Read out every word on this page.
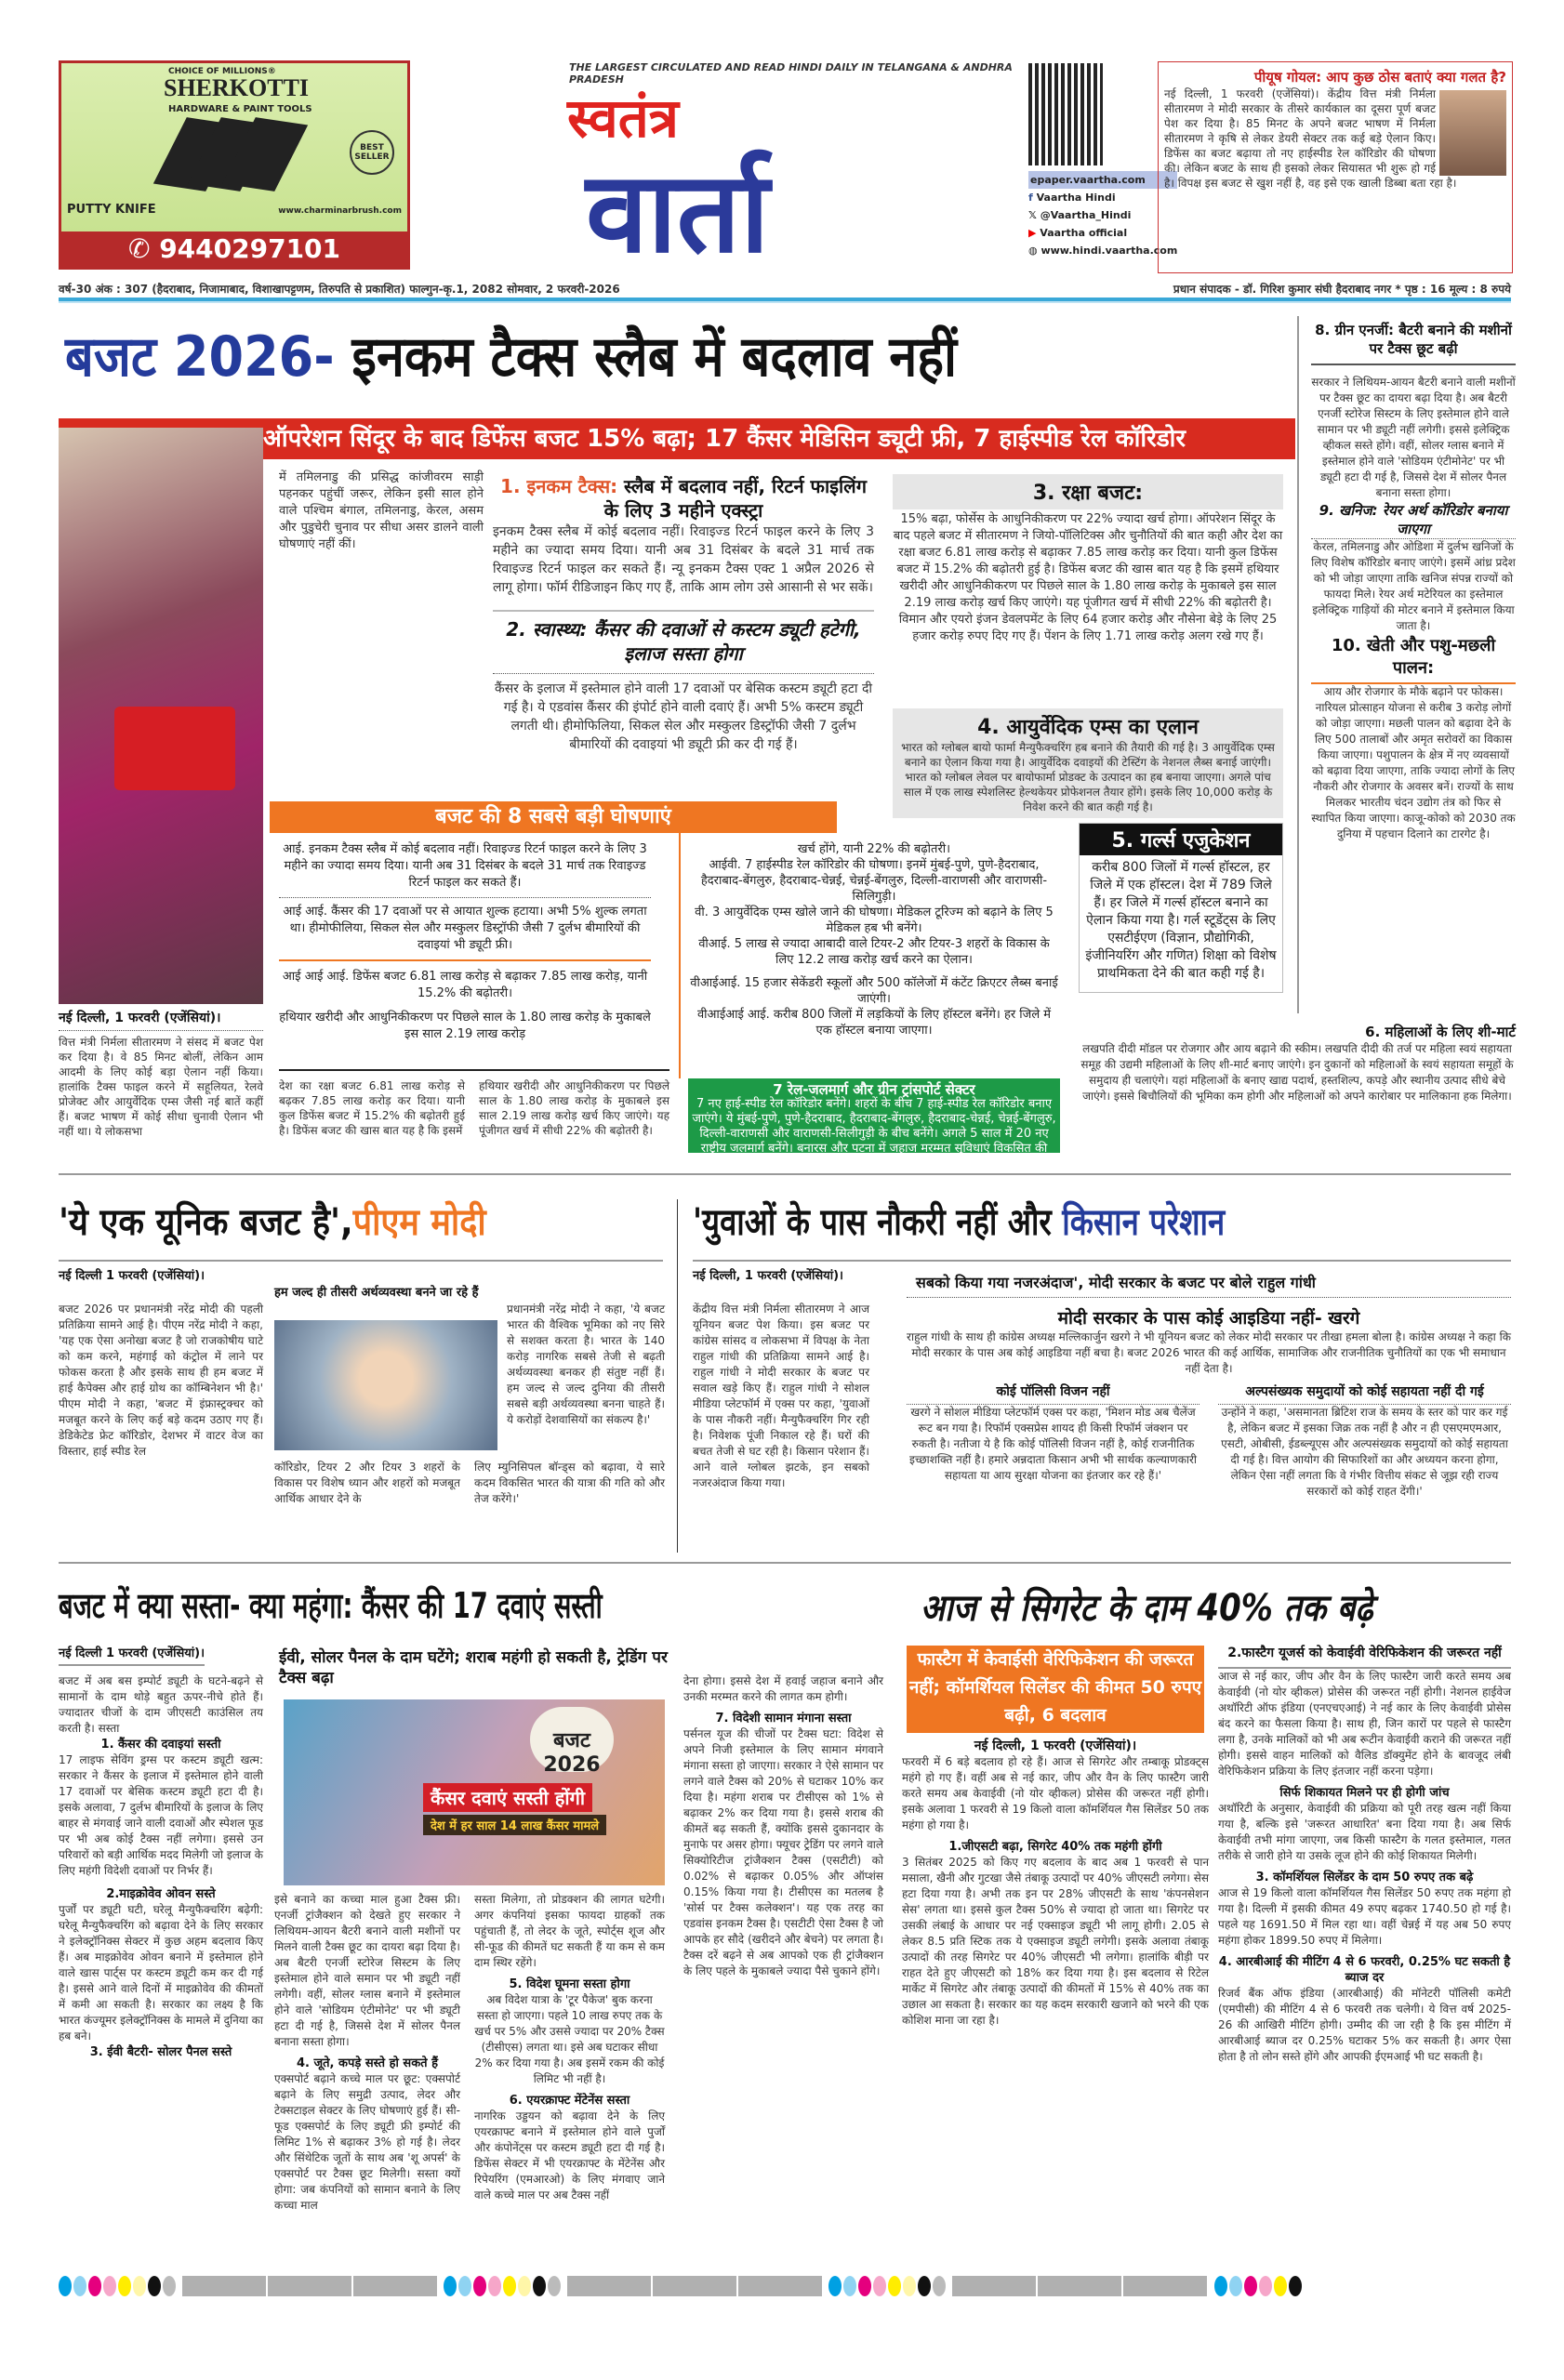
CHOICE OF MILLIONS®
SHERKOTTI
HARDWARE & PAINT TOOLS
BEST SELLER
PUTTY KNIFE	www.charminarbrush.com
✆ 9440297101
THE LARGEST CIRCULATED AND READ HINDI DAILY IN TELANGANA & ANDHRA PRADESH
स्वतंत्र
वार्ता	epaper.vaartha.com
f Vaartha Hindi
𝕏 @Vaartha_Hindi
▶ Vaartha official
◍ www.hindi.vaartha.com
पीयूष गोयल: आप कुछ ठोस बताएं क्या गलत है?

नई दिल्ली, 1 फरवरी (एजेंसियां)। केंद्रीय वित्त मंत्री निर्मला सीतारमण ने मोदी सरकार के तीसरे कार्यकाल का दूसरा पूर्ण बजट पेश कर दिया है। 85 मिनट के अपने बजट भाषण में निर्मला सीतारमण ने कृषि से लेकर डेयरी सेक्टर तक कई बड़े ऐलान किए। डिफेंस का बजट बढ़ाया तो नए हाईस्पीड रेल कॉरिडोर की घोषणा की। लेकिन बजट के साथ ही इसको लेकर सियासत भी शुरू हो गई है। विपक्ष इस बजट से खुश नहीं है, वह इसे एक खाली डिब्बा बता रहा है।

वर्ष-30 अंक : 307 (हैदराबाद, निजामाबाद, विशाखापट्टणम, तिरुपति से प्रकाशित) फाल्गुन-कृ.1, 2082 सोमवार, 2 फरवरी-2026	प्रधान संपादक - डॉ. गिरिश कुमार संघी हैदराबाद नगर * पृष्ठ : 16 मूल्य : 8 रुपये
बजट 2026- इनकम टैक्स स्लैब में बदलाव नहीं
ऑपरेशन सिंदूर के बाद डिफेंस बजट 15% बढ़ा; 17 कैंसर मेडिसिन ड्यूटी फ्री, 7 हाईस्पीड रेल कॉरिडोर
में तमिलनाडु की प्रसिद्ध कांजीवरम साड़ी पहनकर पहुंचीं जरूर, लेकिन इसी साल होने वाले पश्चिम बंगाल, तमिलनाडु, केरल, असम और पुडुचेरी चुनाव पर सीधा असर डालने वाली घोषणाएं नहीं कीं।
1. इनकम टैक्स: स्लैब में बदलाव नहीं, रिटर्न फाइलिंग के लिए 3 महीने एक्स्ट्रा

इनकम टैक्स स्लैब में कोई बदलाव नहीं। रिवाइज्ड रिटर्न फाइल करने के लिए 3 महीने का ज्यादा समय दिया। यानी अब 31 दिसंबर के बदले 31 मार्च तक रिवाइज्ड रिटर्न फाइल कर सकते हैं। न्यू इनकम टैक्स एक्ट 1 अप्रैल 2026 से लागू होगा। फॉर्म रीडिजाइन किए गए हैं, ताकि आम लोग उसे आसानी से भर सकें।

2. स्वास्थ्य: कैंसर की दवाओं से कस्टम ड्यूटी हटेगी, इलाज सस्ता होगा

कैंसर के इलाज में इस्तेमाल होने वाली 17 दवाओं पर बेसिक कस्टम ड्यूटी हटा दी गई है। ये एडवांस कैंसर की इंपोर्ट होने वाली दवाएं हैं। अभी 5% कस्टम ड्यूटी लगती थी। हीमोफिलिया, सिकल सेल और मस्कुलर डिस्ट्रॉफी जैसी 7 दुर्लभ बीमारियों की दवाइयां भी ड्यूटी फ्री कर दी गई हैं।

3. रक्षा बजट:
15% बढ़ा, फोर्सेस के आधुनिकीकरण पर 22% ज्यादा खर्च होगा। ऑपरेशन सिंदूर के बाद पहले बजट में सीतारमण ने जियो-पॉलिटिक्स और चुनौतियों की बात कही और देश का रक्षा बजट 6.81 लाख करोड़ से बढ़ाकर 7.85 लाख करोड़ कर दिया। यानी कुल डिफेंस बजट में 15.2% की बढ़ोतरी हुई है। डिफेंस बजट की खास बात यह है कि इसमें हथियार खरीदी और आधुनिकीकरण पर पिछले साल के 1.80 लाख करोड़ के मुकाबले इस साल 2.19 लाख करोड़ खर्च किए जाएंगे। यह पूंजीगत खर्च में सीधी 22% की बढ़ोतरी है। विमान और एयरो इंजन डेवलपमेंट के लिए 64 हजार करोड़ और नौसेना बेड़े के लिए 25 हजार करोड़ रुपए दिए गए हैं। पेंशन के लिए 1.71 लाख करोड़ अलग रखे गए हैं।
4. आयुर्वेदिक एम्स का एलान

भारत को ग्लोबल बायो फार्मा मैन्युफैक्चरिंग हब बनाने की तैयारी की गई है। 3 आयुर्वेदिक एम्स बनाने का ऐलान किया गया है। आयुर्वेदिक दवाइयों की टेस्टिंग के नेशनल लैब्स बनाई जाएंगी। भारत को ग्लोबल लेवल पर बायोफार्मा प्रोडक्ट के उत्पादन का हब बनाया जाएगा। अगले पांच साल में एक लाख स्पेशलिस्ट हेल्थकेयर प्रोफेशनल तैयार होंगे। इसके लिए 10,000 करोड़ के निवेश करने की बात कही गई है।

बजट की 8 सबसे बड़ी घोषणाएं

आई. इनकम टैक्स स्लैब में कोई बदलाव नहीं। रिवाइज्ड रिटर्न फाइल करने के लिए 3 महीने का ज्यादा समय दिया। यानी अब 31 दिसंबर के बदले 31 मार्च तक रिवाइज्ड रिटर्न फाइल कर सकते हैं।

आई आई. कैंसर की 17 दवाओं पर से आयात शुल्क हटाया। अभी 5% शुल्क लगता था। हीमोफीलिया, सिकल सेल और मस्कुलर डिस्ट्रॉफी जैसी 7 दुर्लभ बीमारियों की दवाइयां भी ड्यूटी फ्री।

आई आई आई. डिफेंस बजट 6.81 लाख करोड़ से बढ़ाकर 7.85 लाख करोड़, यानी 15.2% की बढ़ोतरी।

हथियार खरीदी और आधुनिकीकरण पर पिछले साल के 1.80 लाख करोड़ के मुकाबले इस साल 2.19 लाख करोड़

खर्च होंगे, यानी 22% की बढ़ोतरी।

आईवी. 7 हाईस्पीड रेल कॉरिडोर की घोषणा। इनमें मुंबई-पुणे, पुणे-हैदराबाद, हैदराबाद-बेंगलुरु, हैदराबाद-चेन्नई, चेन्नई-बेंगलुरु, दिल्ली-वाराणसी और वाराणसी-सिलिगुड़ी।

वी. 3 आयुर्वेदिक एम्स खोले जाने की घोषणा। मेडिकल टूरिज्म को बढ़ाने के लिए 5 मेडिकल हब भी बनेंगे।

वीआई. 5 लाख से ज्यादा आबादी वाले टियर-2 और टियर-3 शहरों के विकास के लिए 12.2 लाख करोड़ खर्च करने का ऐलान।

वीआईआई. 15 हजार सेकेंडरी स्कूलों और 500 कॉलेजों में कंटेंट क्रिएटर लैब्स बनाई जाएंगी।

वीआईआई आई. करीब 800 जिलों में लड़कियों के लिए हॉस्टल बनेंगे। हर जिले में एक हॉस्टल बनाया जाएगा।

देश का रक्षा बजट 6.81 लाख करोड़ से बढ़कर 7.85 लाख करोड़ कर दिया। यानी कुल डिफेंस बजट में 15.2% की बढ़ोतरी हुई है। डिफेंस बजट की खास बात यह है कि इसमें
हथियार खरीदी और आधुनिकीकरण पर पिछले साल के 1.80 लाख करोड़ के मुकाबले इस साल 2.19 लाख करोड़ खर्च किए जाएंगे। यह पूंजीगत खर्च में सीधी 22% की बढ़ोतरी है।
7 रेल-जलमार्ग और ग्रीन ट्रांसपोर्ट सेक्टर
7 नए हाई-स्पीड रेल कॉरिडोर बनेंगे। शहरों के बीच 7 हाई-स्पीड रेल कॉरिडोर बनाए जाएंगे। ये मुंबई-पुणे, पुणे-हैदराबाद, हैदराबाद-बेंगलुरु, हैदराबाद-चेन्नई, चेन्नई-बेंगलुरु, दिल्ली-वाराणसी और वाराणसी-सिलीगुड़ी के बीच बनेंगे। अगले 5 साल में 20 नए राष्ट्रीय जलमार्ग बनेंगे। बनारस और पटना में जहाज मरम्मत सुविधाएं विकसित की जाएंगी।
5. गर्ल्स एजुकेशन

करीब 800 जिलों में गर्ल्स हॉस्टल, हर जिले में एक हॉस्टल। देश में 789 जिले हैं। हर जिले में गर्ल्स हॉस्टल बनाने का ऐलान किया गया है। गर्ल स्टूडेंट्स के लिए एसटीईएण (विज्ञान, प्रौद्योगिकी, इंजीनियरिंग और गणित) शिक्षा को विशेष प्राथमिकता देने की बात कही गई है।

6. महिलाओं के लिए शी-मार्ट

लखपति दीदी मॉडल पर रोजगार और आय बढ़ाने की स्कीम। लखपति दीदी की तर्ज पर महिला स्वयं सहायता समूह की उद्यमी महिलाओं के लिए शी-मार्ट बनाए जाएंगे। इन दुकानों को महिलाओं के स्वयं सहायता समूहों के समुदाय ही चलाएंगे। यहां महिलाओं के बनाए खाद्य पदार्थ, हस्तशिल्प, कपड़े और स्थानीय उत्पाद सीधे बेचे जाएंगे। इससे बिचौलियों की भूमिका कम होगी और महिलाओं को अपने कारोबार पर मालिकाना हक मिलेगा।

नई दिल्ली, 1 फरवरी (एजेंसियां)।

वित्त मंत्री निर्मला सीतारमण ने संसद में बजट पेश कर दिया है। वे 85 मिनट बोलीं, लेकिन आम आदमी के लिए कोई बड़ा ऐलान नहीं किया। हालांकि टैक्स फाइल करने में सहूलियत, रेलवे प्रोजेक्ट और आयुर्वेदिक एम्स जैसी नई बातें कहीं हैं। बजट भाषण में कोई सीधा चुनावी ऐलान भी नहीं था। ये लोकसभा

8. ग्रीन एनर्जी: बैटरी बनाने की मशीनों पर टैक्स छूट बढ़ी

सरकार ने लिथियम-आयन बैटरी बनाने वाली मशीनों पर टैक्स छूट का दायरा बढ़ा दिया है। अब बैटरी एनर्जी स्टोरेज सिस्टम के लिए इस्तेमाल होने वाले सामान पर भी ड्यूटी नहीं लगेगी। इससे इलेक्ट्रिक व्हीकल सस्ते होंगे। वहीं, सोलर ग्लास बनाने में इस्तेमाल होने वाले 'सोडियम एंटीमोनेट' पर भी ड्यूटी हटा दी गई है, जिससे देश में सोलर पैनल बनाना सस्ता होगा।

9. खनिज: रेयर अर्थ कॉरिडोर बनाया जाएगा

केरल, तमिलनाडु और ओडिशा में दुर्लभ खनिजों के लिए विशेष कॉरिडोर बनाए जाएंगे। इसमें आंध्र प्रदेश को भी जोड़ा जाएगा ताकि खनिज संपन्न राज्यों को फायदा मिले। रेयर अर्थ मटेरियल का इस्तेमाल इलेक्ट्रिक गाड़ियों की मोटर बनाने में इस्तेमाल किया जाता है।

10. खेती और पशु-मछली पालन:

आय और रोजगार के मौके बढ़ाने पर फोकस। नारियल प्रोत्साहन योजना से करीब 3 करोड़ लोगों को जोड़ा जाएगा। मछली पालन को बढ़ावा देने के लिए 500 तालाबों और अमृत सरोवरों का विकास किया जाएगा। पशुपालन के क्षेत्र में नए व्यवसायों को बढ़ावा दिया जाएगा, ताकि ज्यादा लोगों के लिए नौकरी और रोजगार के अवसर बनें। राज्यों के साथ मिलकर भारतीय चंदन उद्योग तंत्र को फिर से स्थापित किया जाएगा। काजू-कोको को 2030 तक दुनिया में पहचान दिलाने का टारगेट है।

'ये एक यूनिक बजट है',पीएम मोदी
नई दिल्ली 1 फरवरी (एजेंसियां)।
हम जल्द ही तीसरी अर्थव्यवस्था बनने जा रहे हैं
बजट 2026 पर प्रधानमंत्री नरेंद्र मोदी की पहली प्रतिक्रिया सामने आई है। पीएम नरेंद्र मोदी ने कहा, 'यह एक ऐसा अनोखा बजट है जो राजकोषीय घाटे को कम करने, महंगाई को कंट्रोल में लाने पर फोकस करता है और इसके साथ ही हम बजट में हाई कैपेक्स और हाई ग्रोथ का कॉम्बिनेशन भी है।' पीएम मोदी ने कहा, 'बजट में इंफ्रास्ट्रक्चर को मजबूत करने के लिए कई बड़े कदम उठाए गए हैं। डेडिकेटेड फ्रेट कॉरिडोर, देशभर में वाटर वेज का विस्तार, हाई स्पीड रेल
प्रधानमंत्री नरेंद्र मोदी ने कहा, 'ये बजट भारत की वैश्विक भूमिका को नए सिरे से सशक्त करता है। भारत के 140 करोड़ नागरिक सबसे तेजी से बढ़ती अर्थव्यवस्था बनकर ही संतुष्ट नहीं हैं। हम जल्द से जल्द दुनिया की तीसरी सबसे बड़ी अर्थव्यवस्था बनना चाहते हैं। ये करोड़ों देशवासियों का संकल्प है।'
कॉरिडोर, टियर 2 और टियर 3 शहरों के विकास पर विशेष ध्यान और शहरों को मजबूत आर्थिक आधार देने के
लिए म्युनिसिपल बॉन्ड्स को बढ़ावा, ये सारे कदम विकसित भारत की यात्रा की गति को और तेज करेंगे।'
'युवाओं के पास नौकरी नहीं और किसान परेशान
नई दिल्ली, 1 फरवरी (एजेंसियां)।	सबको किया गया नजरअंदाज', मोदी सरकार के बजट पर बोले राहुल गांधी
केंद्रीय वित्त मंत्री निर्मला सीतारमण ने आज यूनियन बजट पेश किया। इस बजट पर कांग्रेस सांसद व लोकसभा में विपक्ष के नेता राहुल गांधी की प्रतिक्रिया सामने आई है। राहुल गांधी ने मोदी सरकार के बजट पर सवाल खड़े किए हैं। राहुल गांधी ने सोशल मीडिया प्लेटफॉर्म में एक्स पर कहा, 'युवाओं के पास नौकरी नहीं। मैन्युफैक्चरिंग गिर रही है। निवेशक पूंजी निकाल रहे हैं। घरों की बचत तेजी से घट रही है। किसान परेशान हैं। आने वाले ग्लोबल झटके, इन सबको नजरअंदाज किया गया।
मोदी सरकार के पास कोई आइडिया नहीं- खरगे

राहुल गांधी के साथ ही कांग्रेस अध्यक्ष मल्लिकार्जुन खरगे ने भी यूनियन बजट को लेकर मोदी सरकार पर तीखा हमला बोला है। कांग्रेस अध्यक्ष ने कहा कि मोदी सरकार के पास अब कोई आइडिया नहीं बचा है। बजट 2026 भारत की कई आर्थिक, सामाजिक और राजनीतिक चुनौतियों का एक भी समाधान नहीं देता है।

कोई पॉलिसी विजन नहीं

खरगे ने सोशल मीडिया प्लेटफॉर्म एक्स पर कहा, 'मिशन मोड अब चैलेंज रूट बन गया है। रिफॉर्म एक्सप्रेस शायद ही किसी रिफॉर्म जंक्शन पर रुकती है। नतीजा ये है कि कोई पॉलिसी विजन नहीं है, कोई राजनीतिक इच्छाशक्ति नहीं है। हमारे अन्नदाता किसान अभी भी सार्थक कल्याणकारी सहायता या आय सुरक्षा योजना का इंतजार कर रहे हैं।'

अल्पसंख्यक समुदायों को कोई सहायता नहीं दी गई

उन्होंने ने कहा, 'असमानता ब्रिटिश राज के समय के स्तर को पार कर गई है, लेकिन बजट में इसका जिक्र तक नहीं है और न ही एसएमएमआर, एसटी, ओबीसी, ईडब्ल्यूएस और अल्पसंख्यक समुदायों को कोई सहायता दी गई है। वित्त आयोग की सिफारिशों का और अध्ययन करना होगा, लेकिन ऐसा नहीं लगता कि वे गंभीर वित्तीय संकट से जूझ रही राज्य सरकारों को कोई राहत देंगी।'

बजट में क्या सस्ता- क्या महंगा: कैंसर की 17 दवाएं सस्ती
नई दिल्ली 1 फरवरी (एजेंसियां)।	ईवी, सोलर पैनल के दाम घटेंगे; शराब महंगी हो सकती है, ट्रेडिंग पर टैक्स बढ़ा

बजट में अब बस इम्पोर्ट ड्यूटी के घटने-बढ़ने से सामानों के दाम थोड़े बहुत ऊपर-नीचे होते हैं। ज्यादातर चीजों के दाम जीएसटी काउंसिल तय करती है। सस्ता

1. कैंसर की दवाइयां सस्ती

17 लाइफ सेविंग ड्रग्स पर कस्टम ड्यूटी खत्म: सरकार ने कैंसर के इलाज में इस्तेमाल होने वाली 17 दवाओं पर बेसिक कस्टम ड्यूटी हटा दी है। इसके अलावा, 7 दुर्लभ बीमारियों के इलाज के लिए बाहर से मंगवाई जाने वाली दवाओं और स्पेशल फूड पर भी अब कोई टैक्स नहीं लगेगा। इससे उन परिवारों को बड़ी आर्थिक मदद मिलेगी जो इलाज के लिए महंगी विदेशी दवाओं पर निर्भर हैं।

2.माइक्रोवेव ओवन सस्ते

पुर्जों पर ड्यूटी घटी, घरेलू मैन्युफैक्चरिंग बढ़ेगी: घरेलू मैन्युफैक्चरिंग को बढ़ावा देने के लिए सरकार ने इलेक्ट्रॉनिक्स सेक्टर में कुछ अहम बदलाव किए हैं। अब माइक्रोवेव ओवन बनाने में इस्तेमाल होने वाले खास पार्ट्स पर कस्टम ड्यूटी कम कर दी गई है। इससे आने वाले दिनों में माइक्रोवेव की कीमतों में कमी आ सकती है। सरकार का लक्ष्य है कि भारत कंज्यूमर इलेक्ट्रॉनिक्स के मामले में दुनिया का हब बने।

3. ईवी बैटरी- सोलर पैनल सस्ते
बजट 2026
कैंसर दवाएं सस्ती होंगी
देश में हर साल 14 लाख कैंसर मामले

इसे बनाने का कच्चा माल हुआ टैक्स फ्री। एनर्जी ट्रांजैक्शन को देखते हुए सरकार ने लिथियम-आयन बैटरी बनाने वाली मशीनों पर मिलने वाली टैक्स छूट का दायरा बढ़ा दिया है। अब बैटरी एनर्जी स्टोरेज सिस्टम के लिए इस्तेमाल होने वाले समान पर भी ड्यूटी नहीं लगेगी। वहीं, सोलर ग्लास बनाने में इस्तेमाल होने वाले 'सोडियम एंटीमोनेट' पर भी ड्यूटी हटा दी गई है, जिससे देश में सोलर पैनल बनाना सस्ता होगा।

4. जूते, कपड़े सस्ते हो सकते हैं

एक्सपोर्ट बढ़ाने कच्चे माल पर छूट: एक्सपोर्ट बढ़ाने के लिए समुद्री उत्पाद, लेदर और टेक्सटाइल सेक्टर के लिए घोषणाएं हुई हैं। सी-फूड एक्सपोर्ट के लिए ड्यूटी फ्री इम्पोर्ट की लिमिट 1% से बढ़ाकर 3% हो गई है। लेदर और सिंथेटिक जूतों के साथ अब 'शू अपर्स' के एक्सपोर्ट पर टैक्स छूट मिलेगी। सस्ता क्यों होगा: जब कंपनियों को सामान बनाने के लिए कच्चा माल

सस्ता मिलेगा, तो प्रोडक्शन की लागत घटेगी। अगर कंपनियां इसका फायदा ग्राहकों तक पहुंचाती हैं, तो लेदर के जूते, स्पोर्ट्स शूज और सी-फूड की कीमतें घट सकती हैं या कम से कम दाम स्थिर रहेंगे।

5. विदेश घूमना सस्ता होगा

अब विदेश यात्रा के 'टूर पैकेज' बुक करना सस्ता हो जाएगा। पहले 10 लाख रुपए तक के खर्च पर 5% और उससे ज्यादा पर 20% टैक्स (टीसीएस) लगता था। इसे अब घटाकर सीधा 2% कर दिया गया है। अब इसमें रकम की कोई लिमिट भी नहीं है।

6. एयरक्राफ्ट मेंटेनेंस सस्ता

नागरिक उड्डयन को बढ़ावा देने के लिए एयरक्राफ्ट बनाने में इस्तेमाल होने वाले पुर्जों और कंपोनेंट्स पर कस्टम ड्यूटी हटा दी गई है। डिफेंस सेक्टर में भी एयरक्राफ्ट के मेंटेनेंस और रिपेयरिंग (एमआरओ) के लिए मंगवाए जाने वाले कच्चे माल पर अब टैक्स नहीं

देना होगा। इससे देश में हवाई जहाज बनाने और उनकी मरम्मत करने की लागत कम होगी।

7. विदेशी सामान मंगाना सस्ता

पर्सनल यूज की चीजों पर टैक्स घटा: विदेश से अपने निजी इस्तेमाल के लिए सामान मंगवाने मंगाना सस्ता हो जाएगा। सरकार ने ऐसे सामान पर लगने वाले टैक्स को 20% से घटाकर 10% कर दिया है। महंगा शराब पर टीसीएस को 1% से बढ़ाकर 2% कर दिया गया है। इससे शराब की कीमतें बढ़ सकती हैं, क्योंकि इससे दुकानदार के मुनाफे पर असर होगा। फ्यूचर ट्रेडिंग पर लगने वाले सिक्योरिटीज ट्रांजैक्शन टैक्स (एसटीटी) को 0.02% से बढ़ाकर 0.05% और ऑप्शंस 0.15% किया गया है। टीसीएस का मतलब है 'सोर्स पर टैक्स कलेक्शन'। यह एक तरह का एडवांस इनकम टैक्स है। एसटीटी ऐसा टैक्स है जो आपके हर सौदे (खरीदने और बेचने) पर लगता है। टैक्स दरें बढ़ने से अब आपको एक ही ट्रांजैक्शन के लिए पहले के मुकाबले ज्यादा पैसे चुकाने होंगे।

आज से सिगरेट के दाम 40% तक बढ़े
फास्टैग में केवाईसी वेरिफिकेशन की जरूरत नहीं; कॉमर्शियल सिलेंडर की कीमत 50 रुपए बढ़ी, 6 बदलाव
नई दिल्ली, 1 फरवरी (एजेंसियां)।

फरवरी में 6 बड़े बदलाव हो रहे हैं। आज से सिगरेट और तम्बाकू प्रोडक्ट्स महंगे हो गए हैं। वहीं अब से नई कार, जीप और वैन के लिए फास्टैग जारी करते समय अब केवाईवी (नो योर व्हीकल) प्रोसेस की जरूरत नहीं होगी। इसके अलावा 1 फरवरी से 19 किलो वाला कॉमर्शियल गैस सिलेंडर 50 तक महंगा हो गया है।

1.जीएसटी बढ़ा, सिगरेट 40% तक महंगी होंगी

3 सितंबर 2025 को किए गए बदलाव के बाद अब 1 फरवरी से पान मसाला, खैनी और गुटखा जैसे तंबाकू उत्पादों पर 40% जीएसटी लगेगा। सेस हटा दिया गया है। अभी तक इन पर 28% जीएसटी के साथ 'कंपनसेशन सेस' लगता था। इससे कुल टैक्स 50% से ज्यादा हो जाता था। सिगरेट पर उसकी लंबाई के आधार पर नई एक्साइज ड्यूटी भी लागू होगी। 2.05 से लेकर 8.5 प्रति स्टिक तक ये एक्साइज ड्यूटी लगेगी। इसके अलावा तंबाकू उत्पादों की तरह सिगरेट पर 40% जीएसटी भी लगेगा। हालांकि बीड़ी पर राहत देते हुए जीएसटी को 18% कर दिया गया है। इस बदलाव से रिटेल मार्केट में सिगरेट और तंबाकू उत्पादों की कीमतों में 15% से 40% तक का उछाल आ सकता है। सरकार का यह कदम सरकारी खजाने को भरने की एक कोशिश माना जा रहा है।

2.फास्टैग यूजर्स को केवाईवी वेरिफिकेशन की जरूरत नहीं

आज से नई कार, जीप और वैन के लिए फास्टैग जारी करते समय अब केवाईवी (नो योर व्हीकल) प्रोसेस की जरूरत नहीं होगी। नेशनल हाईवेज अथॉरिटी ऑफ इंडिया (एनएचएआई) ने नई कार के लिए केवाईवी प्रोसेस बंद करने का फैसला किया है। साथ ही, जिन कारों पर पहले से फास्टैग लगा है, उनके मालिकों को भी अब रूटीन केवाईवी कराने की जरूरत नहीं होगी। इससे वाहन मालिकों को वैलिड डॉक्युमेंट होने के बावजूद लंबी वेरिफिकेशन प्रक्रिया के लिए इंतजार नहीं करना पड़ेगा।

सिर्फ शिकायत मिलने पर ही होगी जांच

अथॉरिटी के अनुसार, केवाईवी की प्रक्रिया को पूरी तरह खत्म नहीं किया गया है, बल्कि इसे 'जरूरत आधारित' बना दिया गया है। अब सिर्फ केवाईवी तभी मांगा जाएगा, जब किसी फास्टैग के गलत इस्तेमाल, गलत तरीके से जारी होने या उसके लूज होने की कोई शिकायत मिलेगी।

3. कॉमर्शियल सिलेंडर के दाम 50 रुपए तक बढ़े

आज से 19 किलो वाला कॉमर्शियल गैस सिलेंडर 50 रुपए तक महंगा हो गया है। दिल्ली में इसकी कीमत 49 रुपए बढ़कर 1740.50 हो गई है। पहले यह 1691.50 में मिल रहा था। वहीं चेन्नई में यह अब 50 रुपए महंगा होकर 1899.50 रुपए में मिलेगा।

4. आरबीआई की मीटिंग 4 से 6 फरवरी, 0.25% घट सकती है ब्याज दर

रिजर्व बैंक ऑफ इंडिया (आरबीआई) की मॉनेटरी पॉलिसी कमेटी (एमपीसी) की मीटिंग 4 से 6 फरवरी तक चलेगी। ये वित्त वर्ष 2025-26 की आखिरी मीटिंग होगी। उम्मीद की जा रही है कि इस मीटिंग में आरबीआई ब्याज दर 0.25% घटाकर 5% कर सकती है। अगर ऐसा होता है तो लोन सस्ते होंगे और आपकी ईएमआई भी घट सकती है।
